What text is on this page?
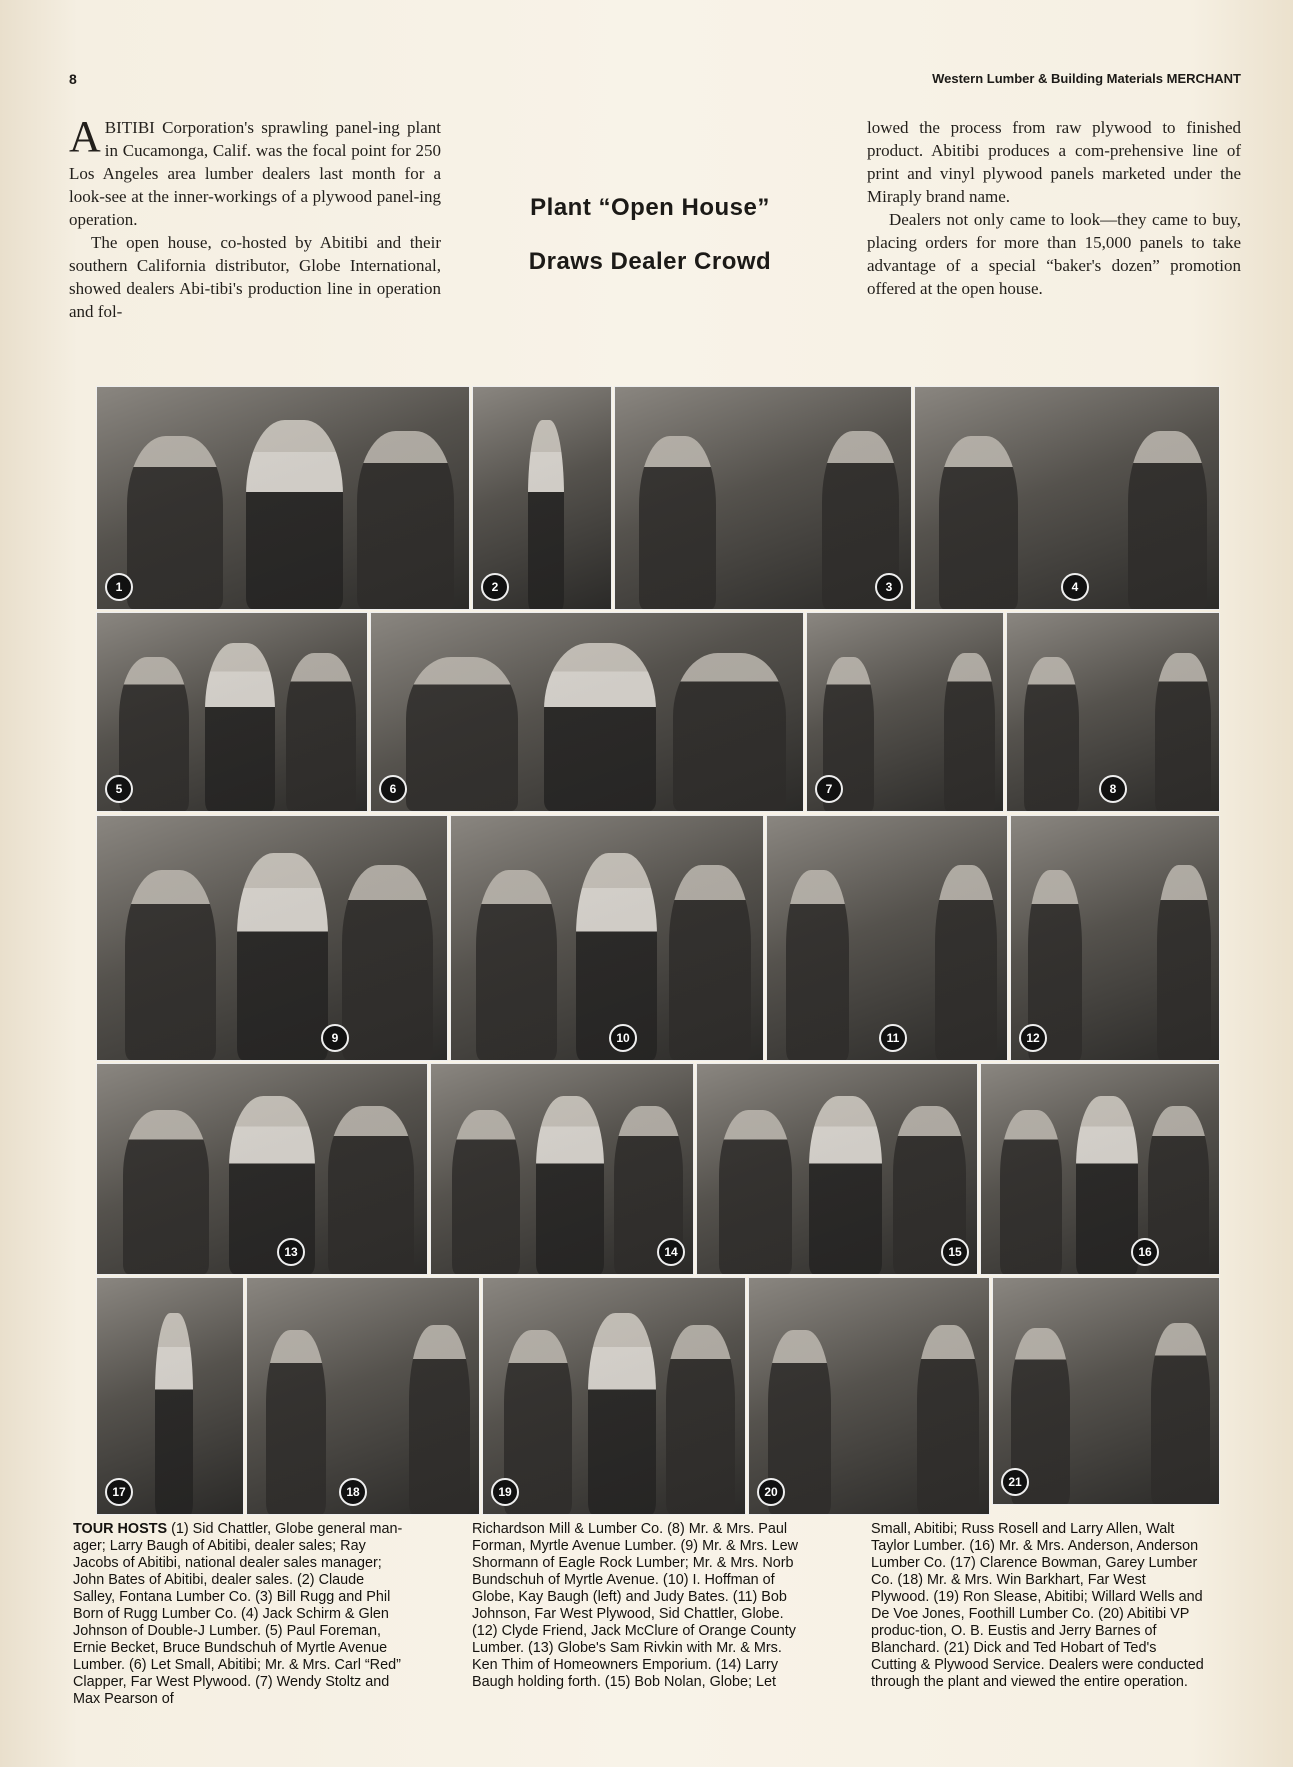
8	Western Lumber & Building Materials MERCHANT

ABITIBI Corporation's sprawling panel-ing plant in Cucamonga, Calif. was the focal point for 250 Los Angeles area lumber dealers last month for a look-see at the inner-workings of a plywood panel-ing operation.

The open house, co-hosted by Abitibi and their southern California distributor, Globe International, showed dealers Abi-tibi's production line in operation and fol-

Plant “Open House”
Draws Dealer Crowd

lowed the process from raw plywood to finished product. Abitibi produces a com-prehensive line of print and vinyl plywood panels marketed under the Miraply brand name.

Dealers not only came to look—they came to buy, placing orders for more than 15,000 panels to take advantage of a special “baker's dozen” promotion offered at the open house.

1	2	3	4
5	6	7	8
9	10	11	12
13	14	15	16
17	18	19	20
21
TOUR HOSTS (1) Sid Chattler, Globe general man-ager; Larry Baugh of Abitibi, dealer sales; Ray Jacobs of Abitibi, national dealer sales manager; John Bates of Abitibi, dealer sales. (2) Claude Salley, Fontana Lumber Co. (3) Bill Rugg and Phil Born of Rugg Lumber Co. (4) Jack Schirm & Glen Johnson of Double-J Lumber. (5) Paul Foreman, Ernie Becket, Bruce Bundschuh of Myrtle Avenue Lumber. (6) Let Small, Abitibi; Mr. & Mrs. Carl “Red” Clapper, Far West Plywood. (7) Wendy Stoltz and Max Pearson of
Richardson Mill & Lumber Co. (8) Mr. & Mrs. Paul Forman, Myrtle Avenue Lumber. (9) Mr. & Mrs. Lew Shormann of Eagle Rock Lumber; Mr. & Mrs. Norb Bundschuh of Myrtle Avenue. (10) I. Hoffman of Globe, Kay Baugh (left) and Judy Bates. (11) Bob Johnson, Far West Plywood, Sid Chattler, Globe. (12) Clyde Friend, Jack McClure of Orange County Lumber. (13) Globe's Sam Rivkin with Mr. & Mrs. Ken Thim of Homeowners Emporium. (14) Larry Baugh holding forth. (15) Bob Nolan, Globe; Let
Small, Abitibi; Russ Rosell and Larry Allen, Walt Taylor Lumber. (16) Mr. & Mrs. Anderson, Anderson Lumber Co. (17) Clarence Bowman, Garey Lumber Co. (18) Mr. & Mrs. Win Barkhart, Far West Plywood. (19) Ron Slease, Abitibi; Willard Wells and De Voe Jones, Foothill Lumber Co. (20) Abitibi VP produc-tion, O. B. Eustis and Jerry Barnes of Blanchard. (21) Dick and Ted Hobart of Ted's Cutting & Plywood Service. Dealers were conducted through the plant and viewed the entire operation.
